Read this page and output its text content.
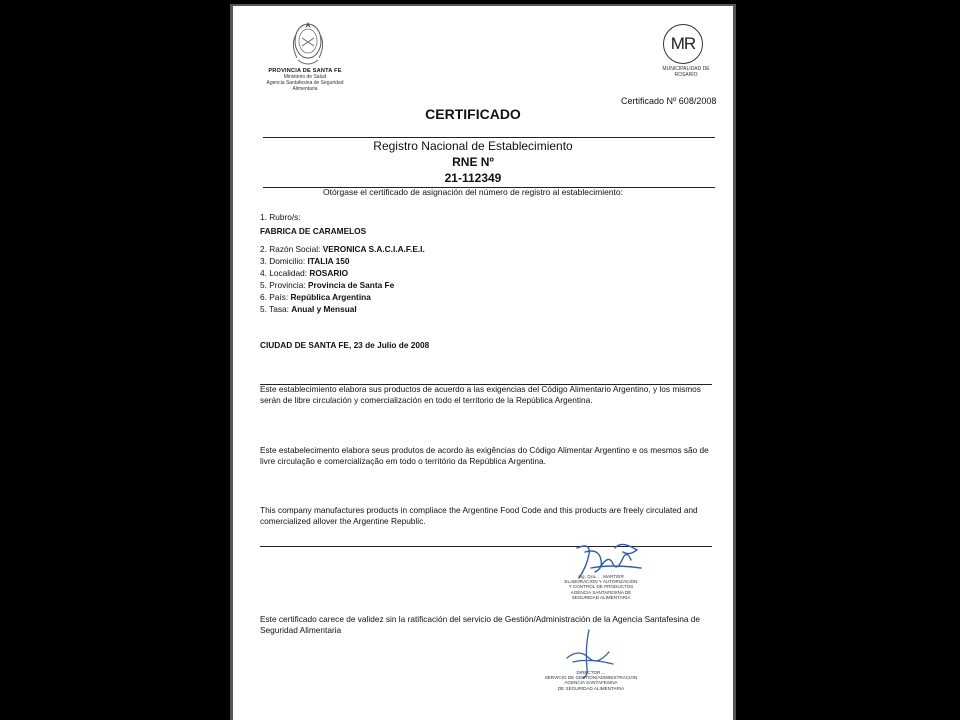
PROVINCIA DE SANTA FE
Ministerio de Salud
Agencia Santafesina de Seguridad Alimentaria
MR
MUNICIPALIDAD DE ROSARIO
Certificado Nº 608/2008
CERTIFICADO
Registro Nacional de Establecimiento
RNE Nº
21-112349
Otórgase el certificado de asignación del número de registro al establecimiento:
1. Rubro/s:
FABRICA DE CARAMELOS
2. Razón Social: VERONICA S.A.C.I.A.F.E.I.
3. Domicilio: ITALIA 150
4. Localidad: ROSARIO
5. Provincia: Provincia de Santa Fe
6. País: República Argentina
5. Tasa: Anual y Mensual
CIUDAD DE SANTA FE, 23 de Julio de 2008
Este establecimiento elabora sus productos de acuerdo a las exigencias del Código Alimentario Argentino, y los mismos serán de libre circulación y comercialización en todo el territorio de la República Argentina.
Este estabelecimento elabora seus produtos de acordo às exigências do Código Alimentar Argentino e os mesmos são de livre circulação e comercialização em todo o território da República Argentina.
This company manufactures products in compliace the Argentine Food Code and this products are freely circulated and comercialized allover the Argentine Republic.
Ing. Qca. ... MARTIER
ELABORACION Y AUTORIZACION
Y CONTROL DE PRODUCTOS
AGENCIA SANTAFESINA DE
SEGURIDAD ALIMENTARIA
Este certificado carece de validez sin la ratificación del servicio de Gestión/Administración de la Agencia Santafesina de Seguridad Alimentaria
DIRECTOR ...
SERVICIO DE GESTION/ADMINISTRACION
AGENCIA SANTAFESINA
DE SEGURIDAD ALIMENTARIA
